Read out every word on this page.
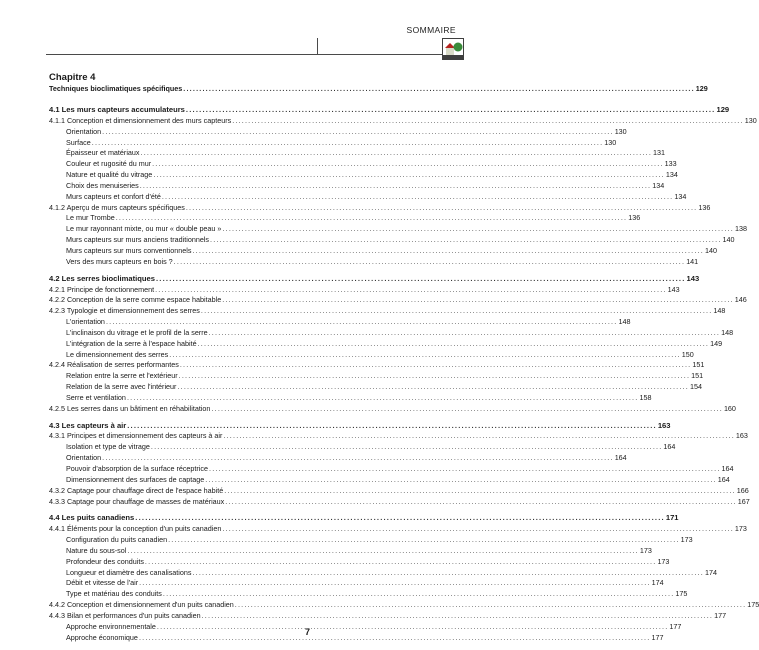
SOMMAIRE
Chapitre 4
Techniques bioclimatiques spécifiques .....	129
4.1 Les murs capteurs accumulateurs .....	129
4.1.1 Conception et dimensionnement des murs capteurs .....	130
Orientation .....	130
Surface .....	130
Épaisseur et matériaux .....	131
Couleur et rugosité du mur .....	133
Nature et qualité du vitrage .....	134
Choix des menuiseries .....	134
Murs capteurs et confort d'été .....	134
4.1.2 Aperçu de murs capteurs spécifiques .....	136
Le mur Trombe .....	136
Le mur rayonnant mixte, ou mur « double peau » .....	138
Murs capteurs sur murs anciens traditionnels .....	140
Murs capteurs sur murs conventionnels .....	140
Vers des murs capteurs en bois ? .....	141
4.2 Les serres bioclimatiques .....	143
4.2.1 Principe de fonctionnement .....	143
4.2.2 Conception de la serre comme espace habitable .....	146
4.2.3 Typologie et dimensionnement des serres .....	148
L'orientation .....	148
L'inclinaison du vitrage et le profil de la serre .....	148
L'intégration de la serre à l'espace habité .....	149
Le dimensionnement des serres .....	150
4.2.4 Réalisation de serres performantes .....	151
Relation entre la serre et l'extérieur .....	151
Relation de la serre avec l'intérieur .....	154
Serre et ventilation .....	158
4.2.5 Les serres dans un bâtiment en réhabilitation .....	160
4.3 Les capteurs à air .....	163
4.3.1 Principes et dimensionnement des capteurs à air .....	163
Isolation et type de vitrage .....	164
Orientation .....	164
Pouvoir d'absorption de la surface réceptrice .....	164
Dimensionnement des surfaces de captage .....	164
4.3.2 Captage pour chauffage direct de l'espace habité .....	166
4.3.3 Captage pour chauffage de masses de matériaux .....	167
4.4 Les puits canadiens .....	171
4.4.1 Éléments pour la conception d'un puits canadien .....	173
Configuration du puits canadien .....	173
Nature du sous-sol .....	173
Profondeur des conduits .....	173
Longueur et diamètre des canalisations .....	174
Débit et vitesse de l'air .....	174
Type et matériau des conduits .....	175
4.4.2 Conception et dimensionnement d'un puits canadien .....	175
4.4.3 Bilan et performances d'un puits canadien .....	177
Approche environnementale .....	177
Approche économique .....	177
7
